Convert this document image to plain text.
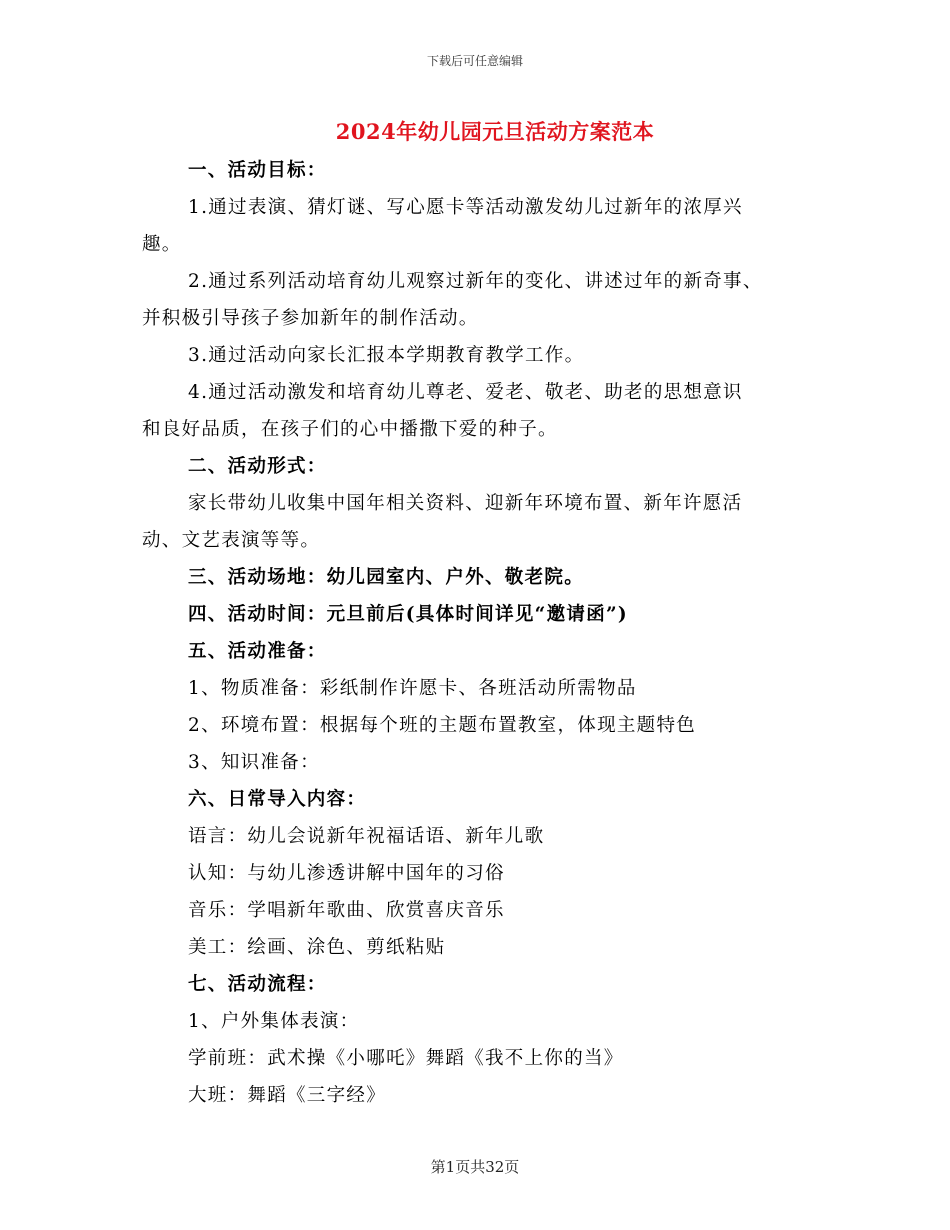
下载后可任意编辑
2024年幼儿园元旦活动方案范本

一、活动目标：

1.通过表演、猜灯谜、写心愿卡等活动激发幼儿过新年的浓厚兴

趣。

2.通过系列活动培育幼儿观察过新年的变化、讲述过年的新奇事、

并积极引导孩子参加新年的制作活动。

3.通过活动向家长汇报本学期教育教学工作。

4.通过活动激发和培育幼儿尊老、爱老、敬老、助老的思想意识

和良好品质，在孩子们的心中播撒下爱的种子。

二、活动形式：

家长带幼儿收集中国年相关资料、迎新年环境布置、新年许愿活

动、文艺表演等等。

三、活动场地：幼儿园室内、户外、敬老院。

四、活动时间：元旦前后(具体时间详见“邀请函”)

五、活动准备：

1、物质准备：彩纸制作许愿卡、各班活动所需物品

2、环境布置：根据每个班的主题布置教室，体现主题特色

3、知识准备：

六、日常导入内容：

语言：幼儿会说新年祝福话语、新年儿歌

认知：与幼儿渗透讲解中国年的习俗

音乐：学唱新年歌曲、欣赏喜庆音乐

美工：绘画、涂色、剪纸粘贴

七、活动流程：

1、户外集体表演：

学前班：武术操《小哪吒》舞蹈《我不上你的当》

大班：舞蹈《三字经》

第1页共32页
